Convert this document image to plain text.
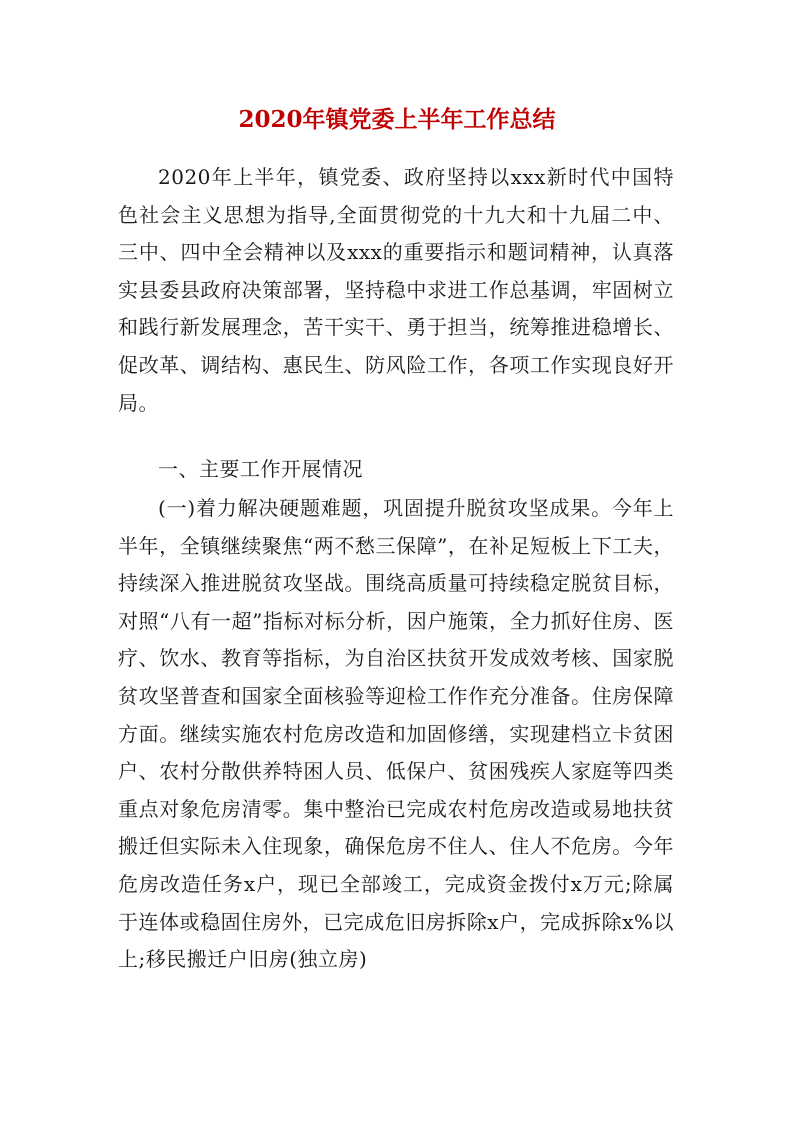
2020年镇党委上半年工作总结

2020年上半年，镇党委、政府坚持以xxx新时代中国特色社会主义思想为指导,全面贯彻党的十九大和十九届二中、三中、四中全会精神以及xxx的重要指示和题词精神，认真落实县委县政府决策部署，坚持稳中求进工作总基调，牢固树立和践行新发展理念，苦干实干、勇于担当，统筹推进稳增长、促改革、调结构、惠民生、防风险工作，各项工作实现良好开局。

一、主要工作开展情况

(一)着力解决硬题难题，巩固提升脱贫攻坚成果。今年上半年，全镇继续聚焦“两不愁三保障”，在补足短板上下工夫，持续深入推进脱贫攻坚战。围绕高质量可持续稳定脱贫目标，对照“八有一超”指标对标分析，因户施策，全力抓好住房、医疗、饮水、教育等指标，为自治区扶贫开发成效考核、国家脱贫攻坚普查和国家全面核验等迎检工作作充分准备。住房保障方面。继续实施农村危房改造和加固修缮，实现建档立卡贫困户、农村分散供养特困人员、低保户、贫困残疾人家庭等四类重点对象危房清零。集中整治已完成农村危房改造或易地扶贫搬迁但实际未入住现象，确保危房不住人、住人不危房。今年危房改造任务x户，现已全部竣工，完成资金拨付x万元;除属于连体或稳固住房外，已完成危旧房拆除x户，完成拆除x%以上;移民搬迁户旧房(独立房)
